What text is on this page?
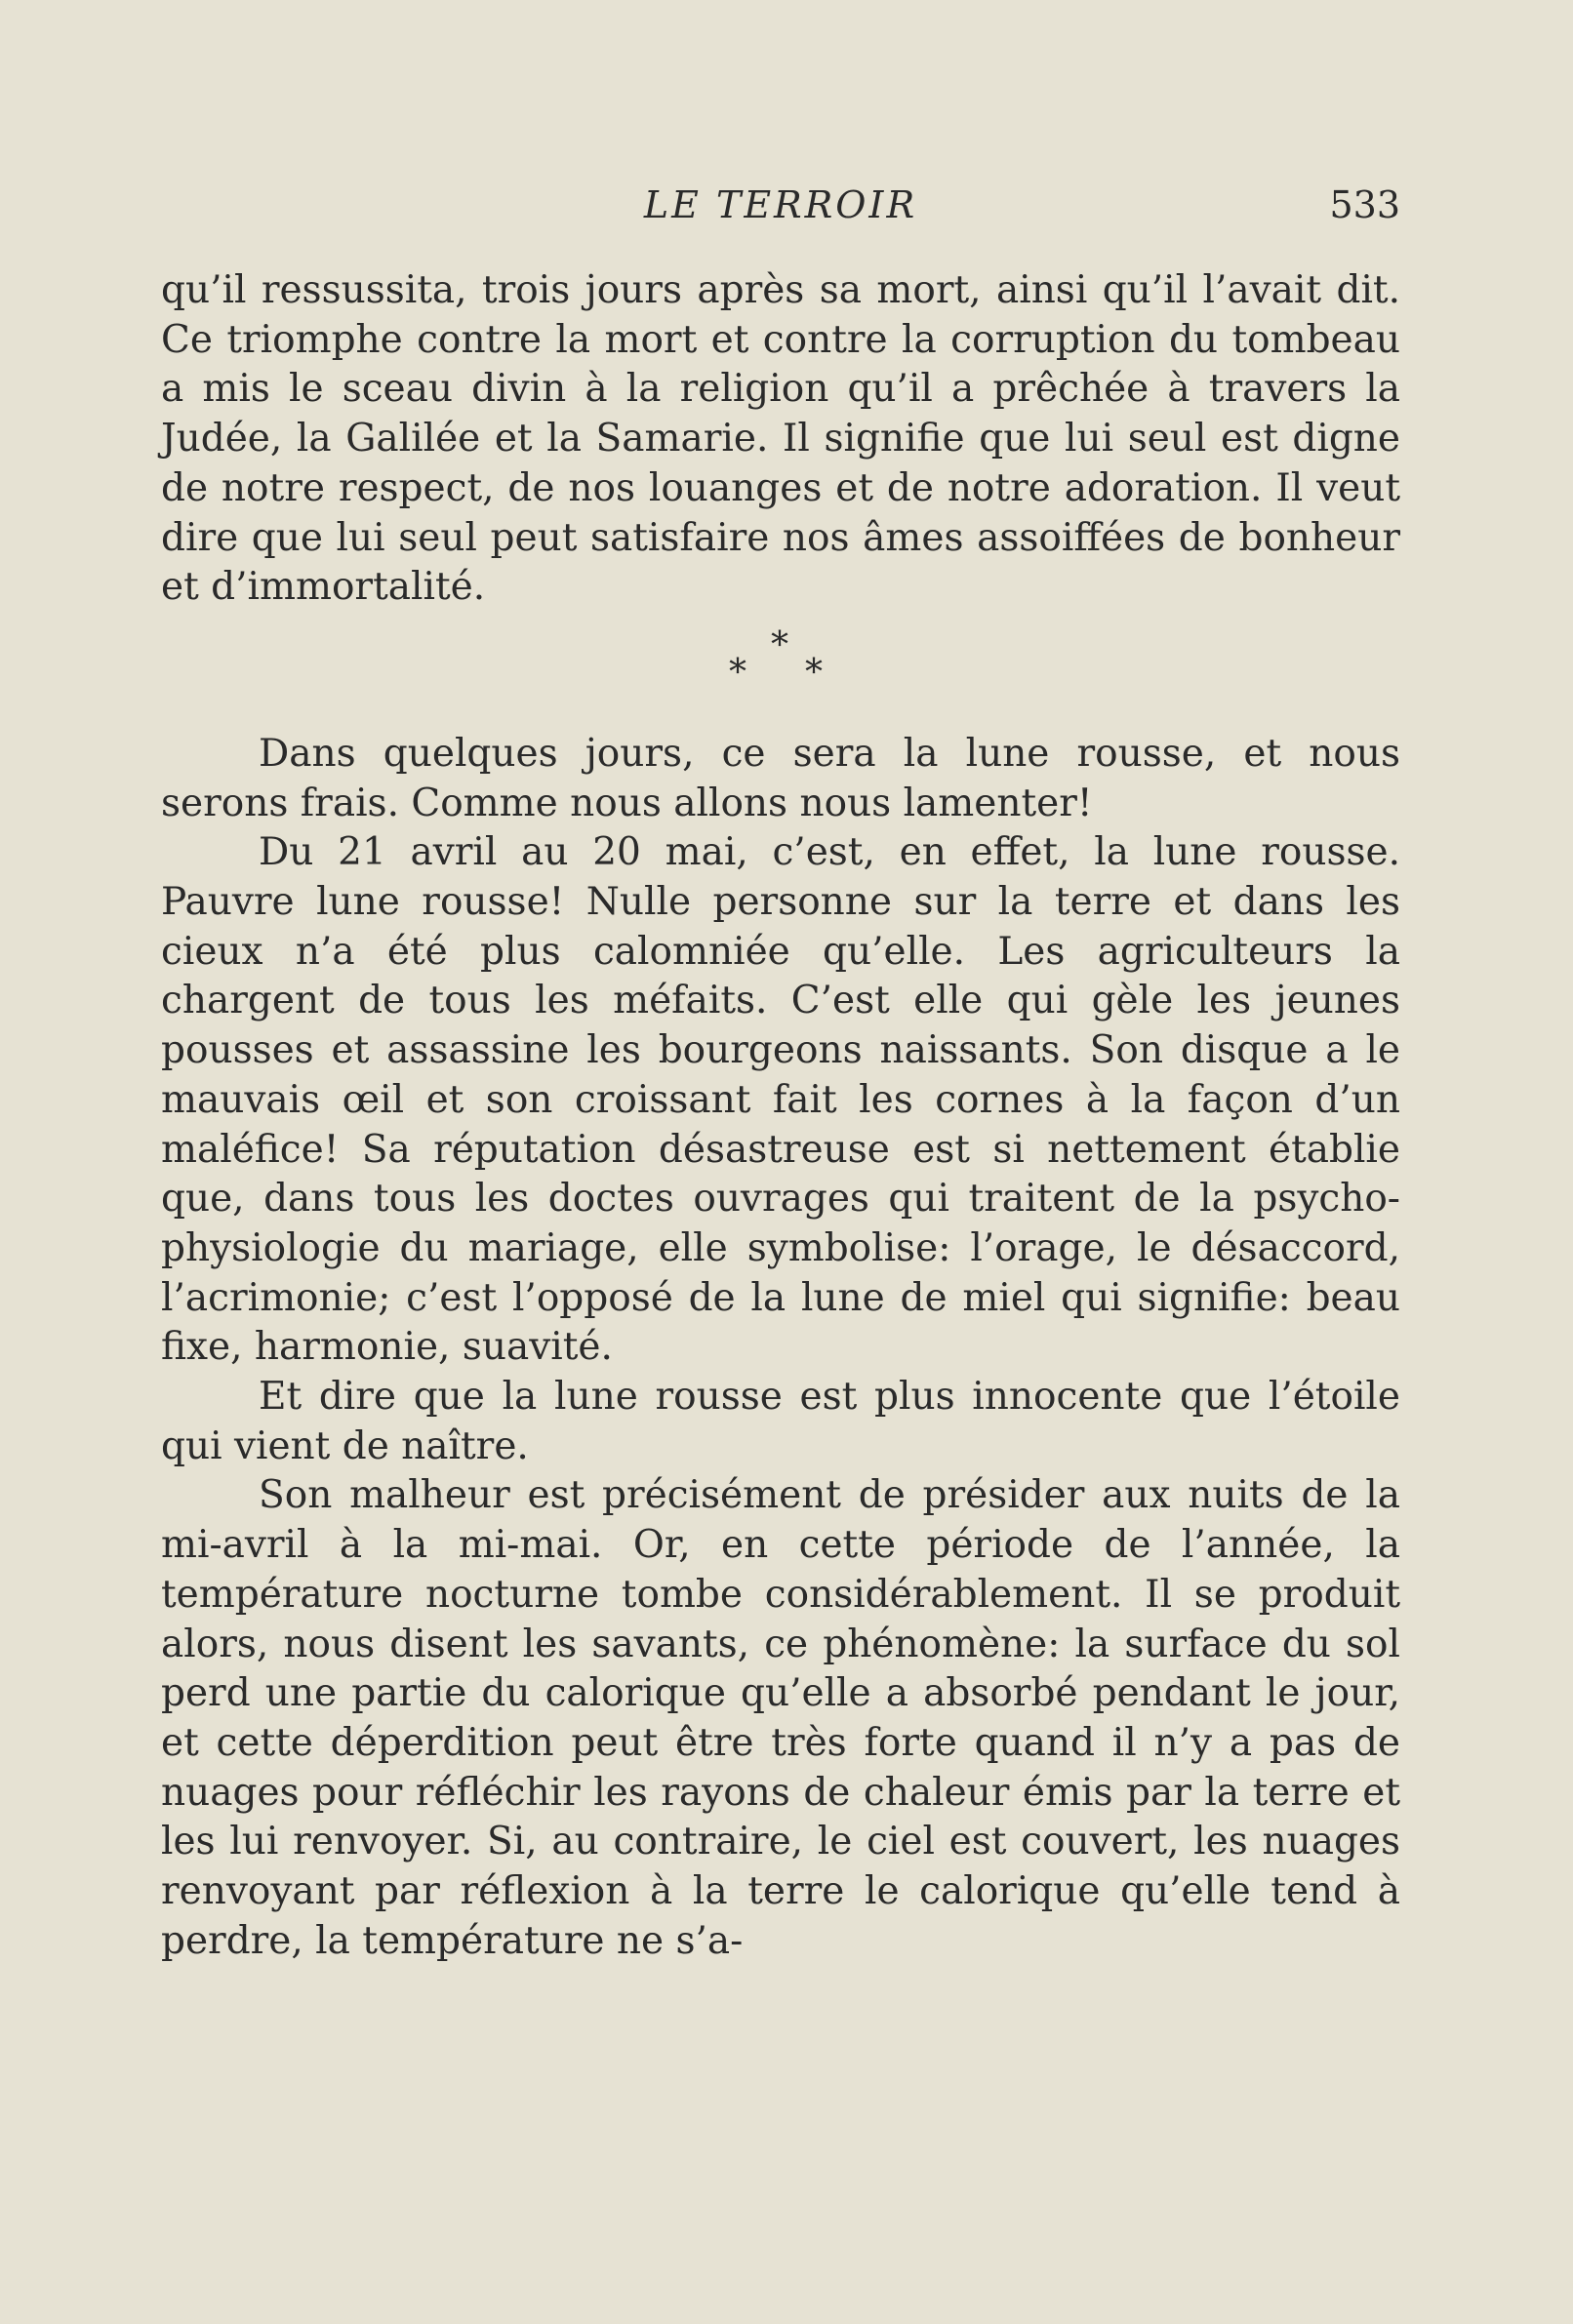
LE TERROIR	533

qu’il ressussita, trois jours après sa mort, ainsi qu’il l’avait dit. Ce triomphe contre la mort et contre la corruption du tombeau a mis le sceau divin à la religion qu’il a prêchée à travers la Judée, la Galilée et la Samarie. Il signifie que lui seul est digne de notre respect, de nos louanges et de notre adoration. Il veut dire que lui seul peut satisfaire nos âmes assoiffées de bonheur et d’immortalité.

*
* *

Dans quelques jours, ce sera la lune rousse, et nous serons frais. Comme nous allons nous lamenter!

Du 21 avril au 20 mai, c’est, en effet, la lune rousse. Pauvre lune rousse! Nulle personne sur la terre et dans les cieux n’a été plus calomniée qu’elle. Les agriculteurs la chargent de tous les méfaits. C’est elle qui gèle les jeunes pousses et assassine les bourgeons naissants. Son disque a le mauvais œil et son croissant fait les cornes à la façon d’un maléfice! Sa réputation désastreuse est si nettement établie que, dans tous les doctes ouvrages qui traitent de la psycho-physiologie du mariage, elle symbolise: l’orage, le désaccord, l’acrimonie; c’est l’opposé de la lune de miel qui signifie: beau fixe, harmonie, suavité.

Et dire que la lune rousse est plus innocente que l’étoile qui vient de naître.

Son malheur est précisément de présider aux nuits de la mi-avril à la mi-mai. Or, en cette période de l’année, la température nocturne tombe considérablement. Il se produit alors, nous disent les savants, ce phénomène: la surface du sol perd une partie du calorique qu’elle a absorbé pendant le jour, et cette déperdition peut être très forte quand il n’y a pas de nuages pour réfléchir les rayons de chaleur émis par la terre et les lui renvoyer. Si, au contraire, le ciel est couvert, les nuages renvoyant par réflexion à la terre le calorique qu’elle tend à perdre, la température ne s’a-
